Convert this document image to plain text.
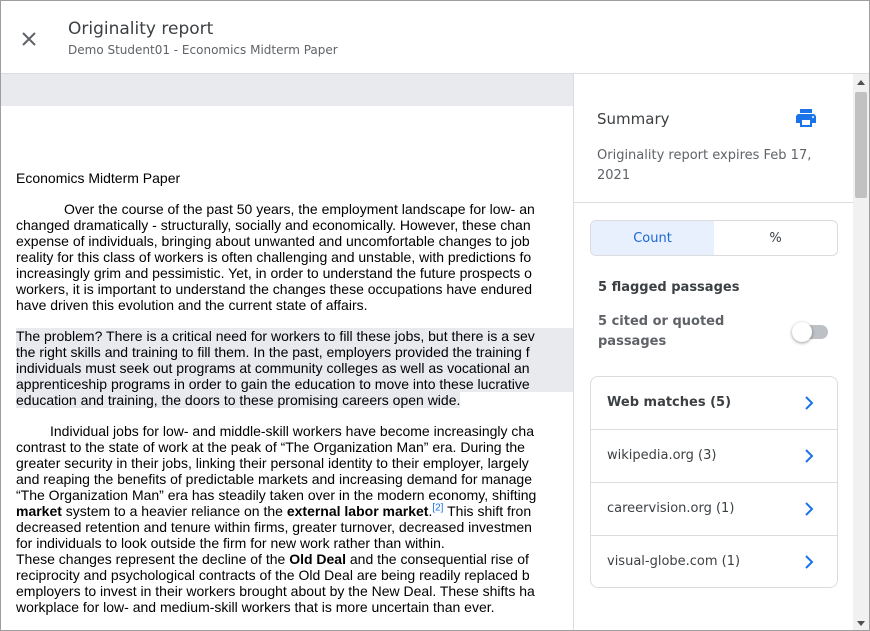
Originality report
Demo Student01 - Economics Midterm Paper
Economics Midterm Paper
Over the course of the past 50 years, the employment landscape for low- an
changed dramatically - structurally, socially and economically. However, these chan
expense of individuals, bringing about unwanted and uncomfortable changes to job
reality for this class of workers is often challenging and unstable, with predictions fo
increasingly grim and pessimistic. Yet, in order to understand the future prospects o
workers, it is important to understand the changes these occupations have endured
have driven this evolution and the current state of affairs.
The problem? There is a critical need for workers to fill these jobs, but there is a sev
the right skills and training to fill them. In the past, employers provided the training f
individuals must seek out programs at community colleges as well as vocational an
apprenticeship programs in order to gain the education to move into these lucrative
education and training, the doors to these promising careers open wide.
Individual jobs for low- and middle-skill workers have become increasingly cha
contrast to the state of work at the peak of “The Organization Man” era. During the
greater security in their jobs, linking their personal identity to their employer, largely
and reaping the benefits of predictable markets and increasing demand for manage
“The Organization Man” era has steadily taken over in the modern economy, shifting
market system to a heavier reliance on the external labor market.[2] This shift fron
decreased retention and tenure within firms, greater turnover, decreased investmen
for individuals to look outside the firm for new work rather than within.
These changes represent the decline of the Old Deal and the consequential rise of
reciprocity and psychological contracts of the Old Deal are being readily replaced b
employers to invest in their workers brought about by the New Deal. These shifts ha
workplace for low- and medium-skill workers that is more uncertain than ever.
Summary
Originality report expires Feb 17, 2021
Count	%
5 flagged passages
5 cited or quoted passages
Web matches (5)
wikipedia.org (3)
careervision.org (1)
visual-globe.com (1)
